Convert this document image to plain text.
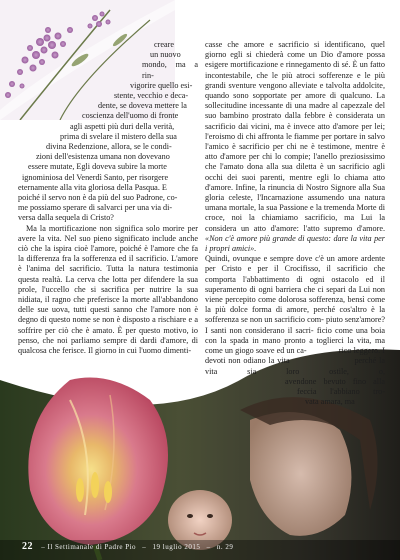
creare
un nuovo
mondo, ma a rin-
vigorire quello esi-
stente, vecchio e deca-
dente, se doveva mettere la
coscienza dell'uomo di fronte
agli aspetti più duri della verità,
prima di svelare il mistero della sua
divina Redenzione, allora, se le condi-
zioni dell'esistenza umana non dovevano
essere mutate, Egli doveva subire la morte
ignominiosa del Venerdì Santo, per risorgere
eternamente alla vita gloriosa della Pasqua. E
poiché il servo non è da più del suo Padrone, co-
me possiamo sperare di salvarci per una via di-
versa dalla sequela di Cristo?

Ma la mortificazione non significa solo morire per avere la vita. Nel suo pieno significato include anche ciò che la ispira cioè l'amore, poiché è l'amore che fa la differenza fra la sofferenza ed il sacrificio. L'amore è l'anima del sacrificio. Tutta la natura testimonia questa realtà. La cerva che lotta per difendere la sua prole, l'uccello che si sacrifica per nutrire la sua nidiata, il ragno che preferisce la morte all'abbandono delle sue uova, tutti questi sanno che l'amore non è degno di questo nome se non è disposto a rischiare e a soffrire per ciò che è amato. È per questo motivo, io penso, che noi parliamo sempre di dardi d'amore, di qualcosa che ferisce. Il giorno in cui l'uomo dimenti-

casse che amore e sacrificio si identificano, quel giorno egli si chiederà come un Dio d'amore possa esigere mortificazione e rinnegamento di sé. È un fatto incontestabile, che le più atroci sofferenze e le più grandi sventure vengono alleviate e talvolta addolcite, quando sono sopportate per amore di qualcuno. La sollecitudine incessante di una madre al capezzale del suo bambino prostrato dalla febbre è considerata un sacrificio dai vicini, ma è invece atto d'amore per lei; l'eroismo di chi affronta le fiamme per portare in salvo l'amico è sacrificio per chi ne è testimone, mentre è atto d'amore per chi lo compie; l'anello preziosissimo che l'amato dona alla sua diletta è un sacrificio agli occhi dei suoi parenti, mentre egli lo chiama atto d'amore. Infine, la rinuncia di Nostro Signore alla Sua gloria celeste, l'Incarnazione assumendo una natura umana mortale, la sua Passione e la tremenda Morte di croce, noi la chiamiamo sacrificio, ma Lui la considera un atto d'amore: l'atto supremo d'amore. «Non c'è amore più grande di questo: dare la vita per i propri amici».

Quindi, ovunque e sempre dove c'è un amore ardente per Cristo e per il Crocifisso, il sacrificio che comporta l'abbattimento di ogni ostacolo ed il superamento di ogni barriera che ci separi da Lui non viene percepito come dolorosa sofferenza, bensì come la più dolce forma di amore, perché cos'altro è la sofferenza se non un sacrificio com- piuto senz'amore? I santi non considerano il sacri- ficio come una boia con la spada in mano pronto a toglierci la vita, ma come un giogo soave ed un ca-	rico leggero. I devoti non odiano la vita	perché la vita sia loro ostile, o, avendone bevuto fino alla feccia l'abbiano tro- vata amara, ma
22 – Il Settimanale di Padre Pio – 19 luglio 2015 – n. 29
